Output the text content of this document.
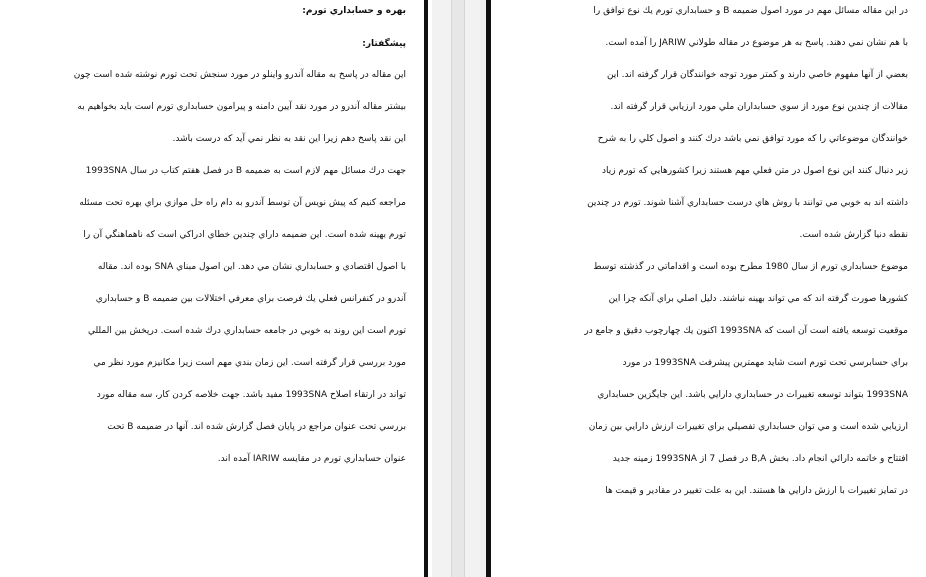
بهره و حسابداري تورم:
پيشگفتار:
اين مقاله در پاسخ به مقاله آندرو واينلو در مورد سنجش تحت تورم نوشته شده است چون
بيشتر مقاله آندرو در مورد نقد آيين دامنه و پيرامون حسابداري تورم است بايد بخواهيم به
اين نقد پاسخ دهم زيرا اين نقد به نظر نمي آيد كه درست باشد.
جهت درك مسائل مهم لازم است به ضميمه B در فصل هفتم كتاب در سال 1993SNA
مراجعه كنيم كه پيش نويس آن توسط آندرو به دام راه حل موازي براي بهره تحت مسئله
تورم بهينه شده است. اين ضميمه داراي چندين خطاي ادراكي است كه ناهماهنگي آن را
با اصول اقتصادي و حسابداري نشان مي دهد. اين اصول مبناي SNA بوده اند. مقاله
آندرو در كنفرانس فعلي يك فرصت براي معرفي اختلالات بين ضميمه B و حسابداري
تورم است اين روند به خوبي در جامعه حسابداري درك شده است. درپخش بين المللي
مورد بررسي قرار گرفته است. اين زمان بندي مهم است زيرا مكانيزم مورد نظر مي
تواند در ارتقاء اصلاح 1993SNA مفيد باشد. جهت خلاصه كردن كار، سه مقاله مورد
بررسي تحت عنوان مراجع در پايان فصل گزارش شده اند. آنها در ضميمه B تحت
عنوان حسابداري تورم در مقايسه IARIW آمده اند.
در اين مقاله مسائل مهم در مورد اصول ضميمه B و حسابداري تورم يك نوع توافق را
با هم نشان نمي دهند. پاسخ به هر موضوع در مقاله طولاني JARIW را آمده است.
بعضي از آنها مفهوم خاصي دارند و كمتر مورد توجه خوانندگان قرار گرفته اند. اين
مقالات از چندين نوع مورد از سوي حسابداران ملي مورد ارزيابي قرار گرفته اند.
خوانندگان موضوعاتي را كه مورد توافق نمي باشد درك كنند و اصول كلي را به شرح
زير دنبال كنند اين نوع اصول در متن فعلي مهم هستند زيرا كشورهايي كه تورم زياد
داشته اند به خوبي مي توانند با روش هاي درست حسابداري آشنا شوند. تورم در چندين
نقطه دنيا گزارش شده است.
موضوع حسابداري تورم از سال 1980 مطرح بوده است و اقداماتي در گذشته توسط
كشورها صورت گرفته اند كه مي تواند بهينه نباشند. دليل اصلي براي آنكه چرا اين
موقعيت توسعه يافته است آن است كه 1993SNA اكنون يك چهارچوب دقيق و جامع در
براي حسابرسي تحت تورم است شايد مهمترين پيشرفت 1993SNA در مورد
1993SNA بتواند توسعه تغييرات در حسابداري دارايي باشد. اين جايگزين حسابداري
ارزيابي شده است و مي توان حسابداري تفصيلي براي تغييرات ارزش دارايي بين زمان
افتتاح و خاتمه دارائي انجام داد. بخش B,A در فصل 7 از 1993SNA زمينه جديد
در تمايز تغييرات با ارزش دارايي ها هستند. اين به علت تغيير در مقادير و قيمت ها
